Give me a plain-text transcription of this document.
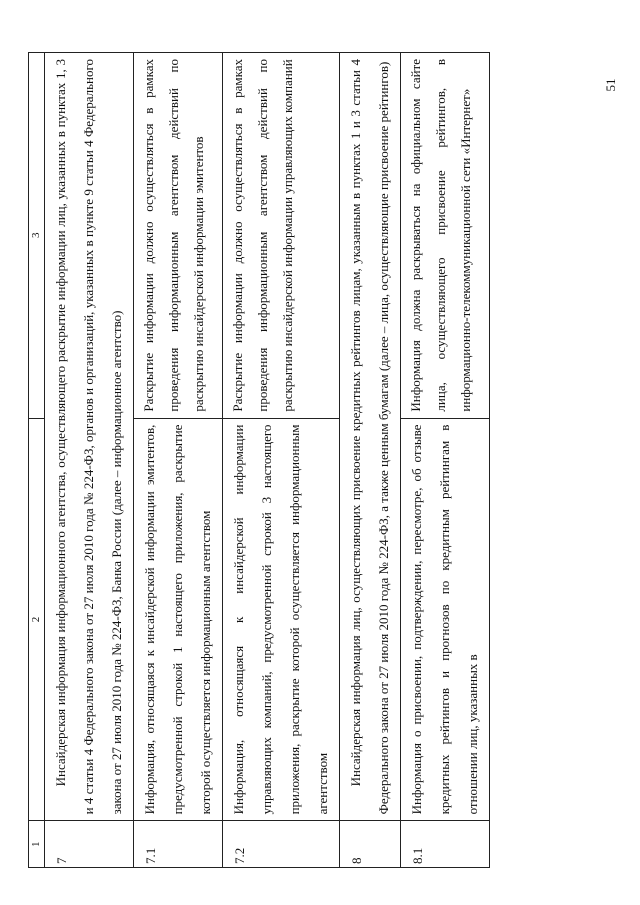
1	2	3
7	Инсайдерская информация информационного агентства, осуществляющего раскрытие информации лиц, указанных в пунктах 1, 3 и 4 статьи 4 Федерального закона от 27 июля 2010 года № 224-ФЗ, органов и организаций, указанных в пункте 9 статьи 4 Федерального закона от 27 июля 2010 года № 224-ФЗ, Банка России (далее – информационное агентство)	
7.1	Информация, относящаяся к инсайдерской информации эмитентов, предусмотренной строкой 1 настоящего приложения, раскрытие которой осуществляется информационным агентством	Раскрытие информации должно осуществляться в рамках проведения информационным агентством действий по раскрытию инсайдерской информации эмитентов
7.2	Информация, относящаяся к инсайдерской информации управляющих компаний, предусмотренной строкой 3 настоящего приложения, раскрытие которой осуществляется информационным агентством	Раскрытие информации должно осуществляться в рамках проведения информационным агентством действий по раскрытию инсайдерской информации управляющих компаний
8	Инсайдерская информация лиц, осуществляющих присвоение кредитных рейтингов лицам, указанным в пунктах 1 и 3 статьи 4 Федерального закона от 27 июля 2010 года № 224-ФЗ, а также ценным бумагам (далее – лица, осуществляющие присвоение рейтингов)	
8.1	Информация о присвоении, подтверждении, пересмотре, об отзыве кредитных рейтингов и прогнозов по кредитным рейтингам в отношении лиц, указанных в	Информация должна раскрываться на официальном сайте лица, осуществляющего присвоение рейтингов, в информационно-телекоммуникационной сети «Интернет»
51
